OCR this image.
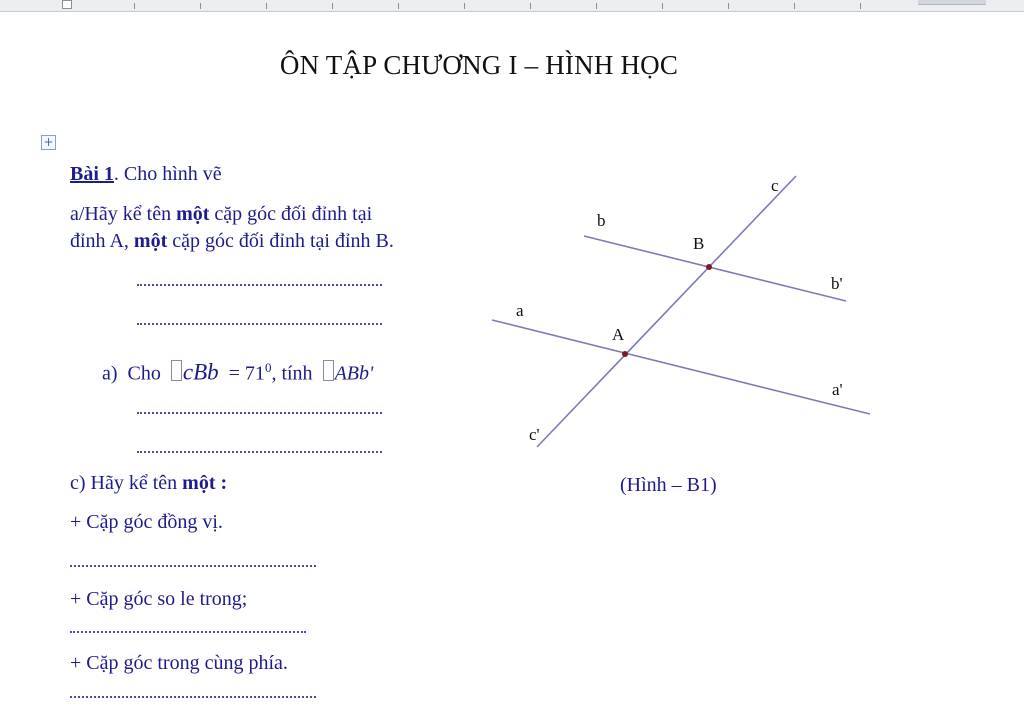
ÔN TẬP CHƯƠNG I – HÌNH HỌC
+
Bài 1. Cho hình vẽ
a/Hãy kể tên một cặp góc đối đỉnh tại
đỉnh A, một cặp góc đối đỉnh tại đỉnh B.
a) Cho cBb = $71^0$, tính ABb'
c) Hãy kể tên một :
+ Cặp góc đồng vị.
+ Cặp góc so le trong;
+ Cặp góc trong cùng phía.
c
b
B
b'
a
A
a'
c'
(Hình – B1)
